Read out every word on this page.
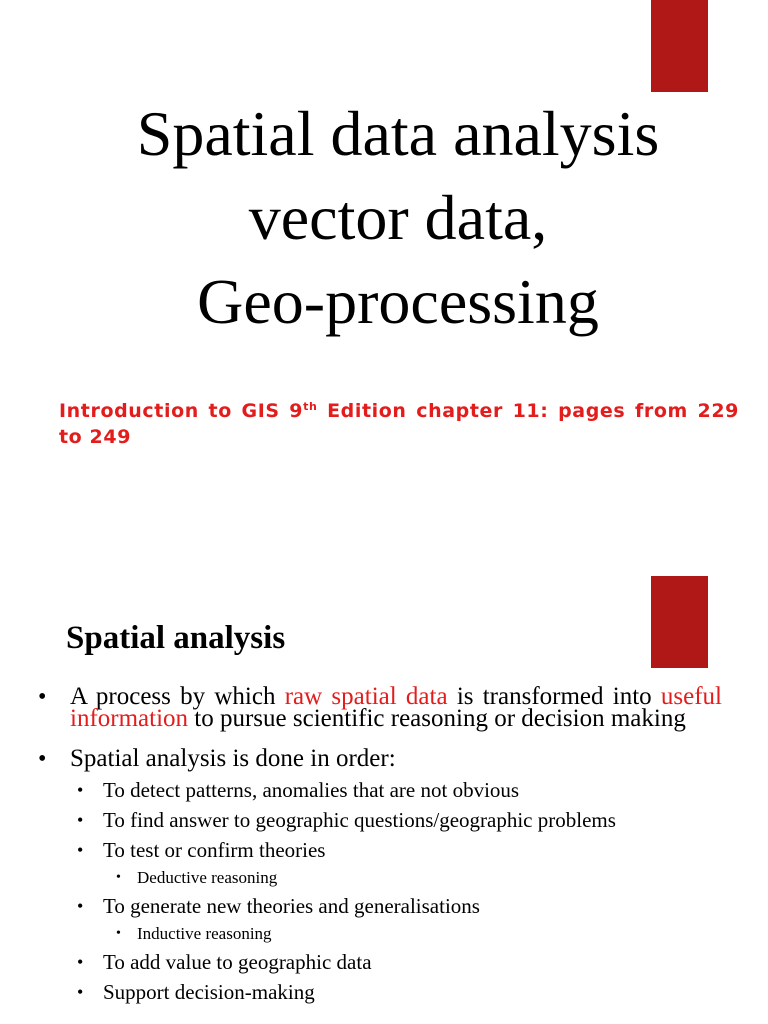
Spatial data analysis
vector data,
Geo-processing
Introduction to GIS 9th Edition chapter 11: pages from 229 to 249
Spatial analysis
• A process by which raw spatial data is transformed into useful information to pursue scientific reasoning or decision making
• Spatial analysis is done in order:
• To detect patterns, anomalies that are not obvious
• To find answer to geographic questions/geographic problems
• To test or confirm theories
• Deductive reasoning
• To generate new theories and generalisations
• Inductive reasoning
• To add value to geographic data
• Support decision-making
